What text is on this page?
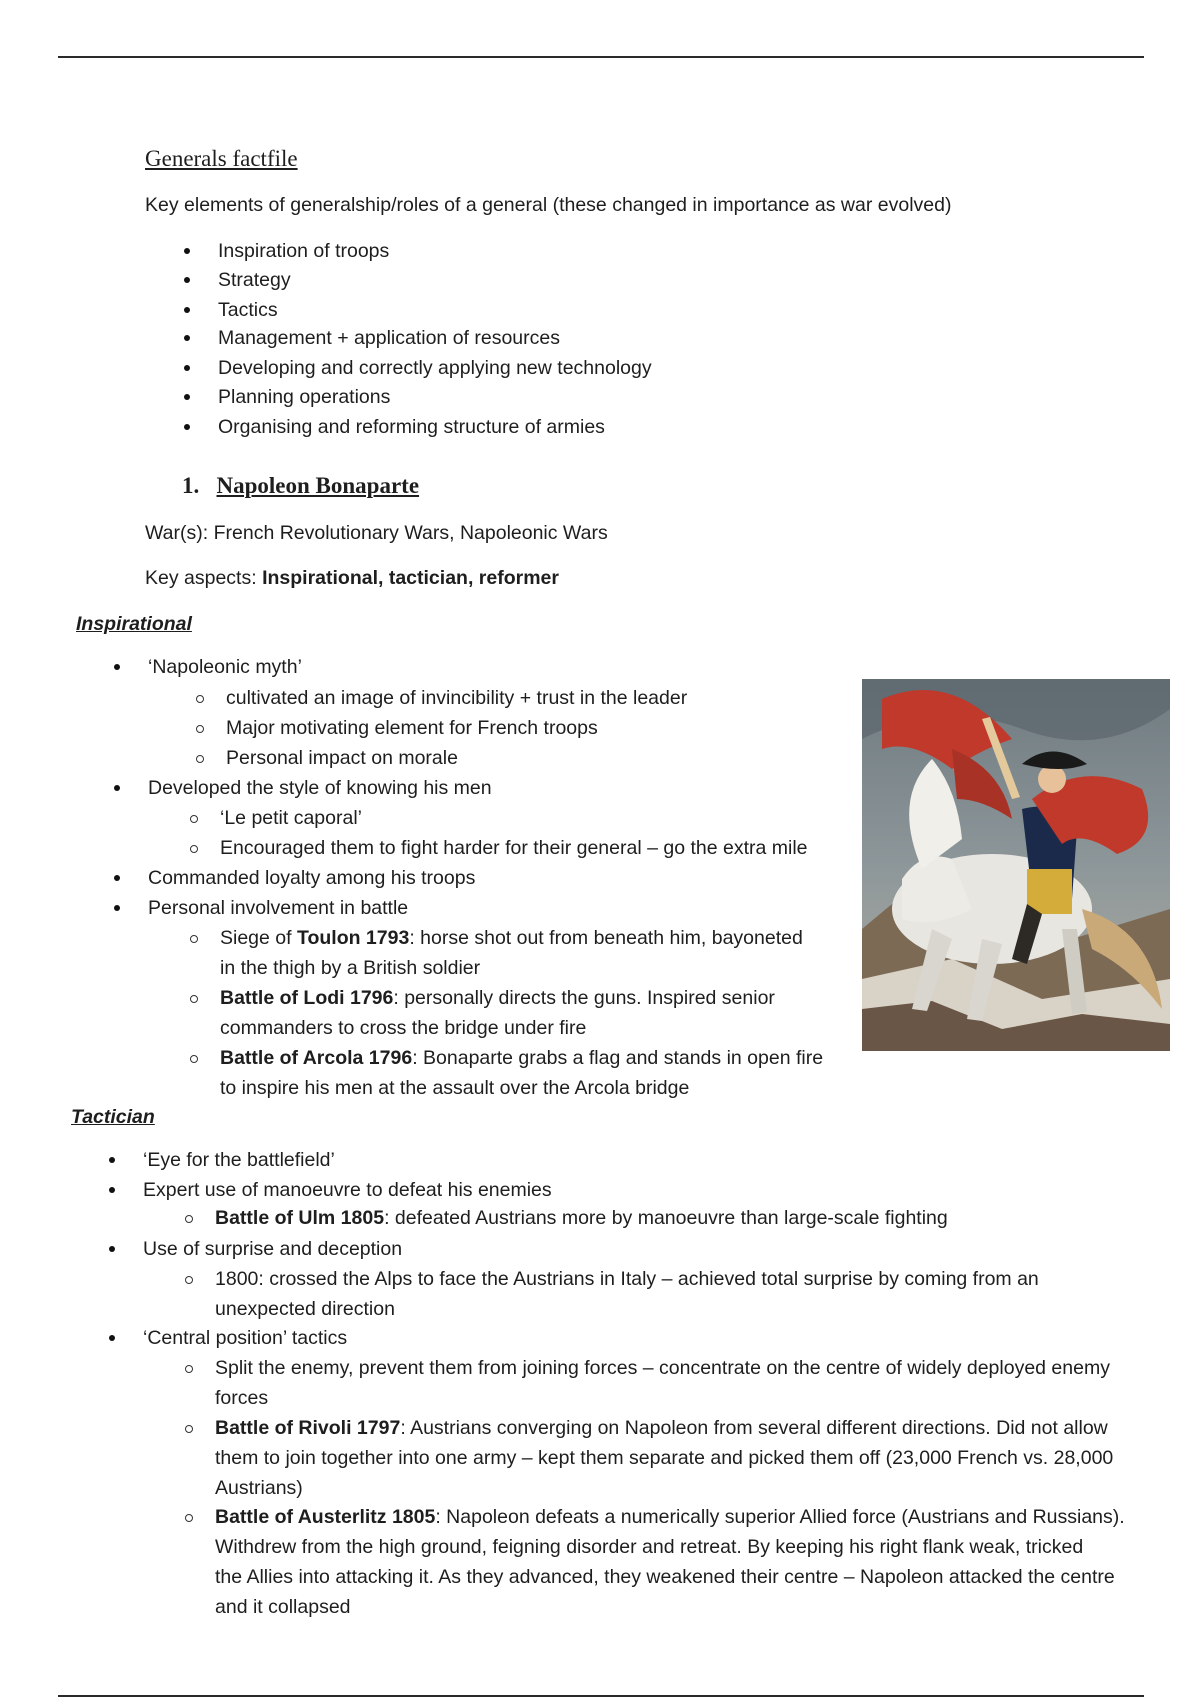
Generals factfile
Key elements of generalship/roles of a general (these changed in importance as war evolved)
Inspiration of troops
Strategy
Tactics
Management + application of resources
Developing and correctly applying new technology
Planning operations
Organising and reforming structure of armies
1. Napoleon Bonaparte
War(s): French Revolutionary Wars, Napoleonic Wars
Key aspects: Inspirational, tactician, reformer
Inspirational
‘Napoleonic myth’
cultivated an image of invincibility + trust in the leader
Major motivating element for French troops
Personal impact on morale
Developed the style of knowing his men
‘Le petit caporal’
Encouraged them to fight harder for their general – go the extra mile
Commanded loyalty among his troops
Personal involvement in battle
Siege of Toulon 1793: horse shot out from beneath him, bayoneted
in the thigh by a British soldier
Battle of Lodi 1796: personally directs the guns. Inspired senior
commanders to cross the bridge under fire
Battle of Arcola 1796: Bonaparte grabs a flag and stands in open fire
to inspire his men at the assault over the Arcola bridge
Tactician
‘Eye for the battlefield’
Expert use of manoeuvre to defeat his enemies
Battle of Ulm 1805: defeated Austrians more by manoeuvre than large-scale fighting
Use of surprise and deception
1800: crossed the Alps to face the Austrians in Italy – achieved total surprise by coming from an
unexpected direction
‘Central position’ tactics
Split the enemy, prevent them from joining forces – concentrate on the centre of widely deployed enemy
forces
Battle of Rivoli 1797: Austrians converging on Napoleon from several different directions. Did not allow
them to join together into one army – kept them separate and picked them off (23,000 French vs. 28,000
Austrians)
Battle of Austerlitz 1805: Napoleon defeats a numerically superior Allied force (Austrians and Russians).
Withdrew from the high ground, feigning disorder and retreat. By keeping his right flank weak, tricked
the Allies into attacking it. As they advanced, they weakened their centre – Napoleon attacked the centre
and it collapsed
